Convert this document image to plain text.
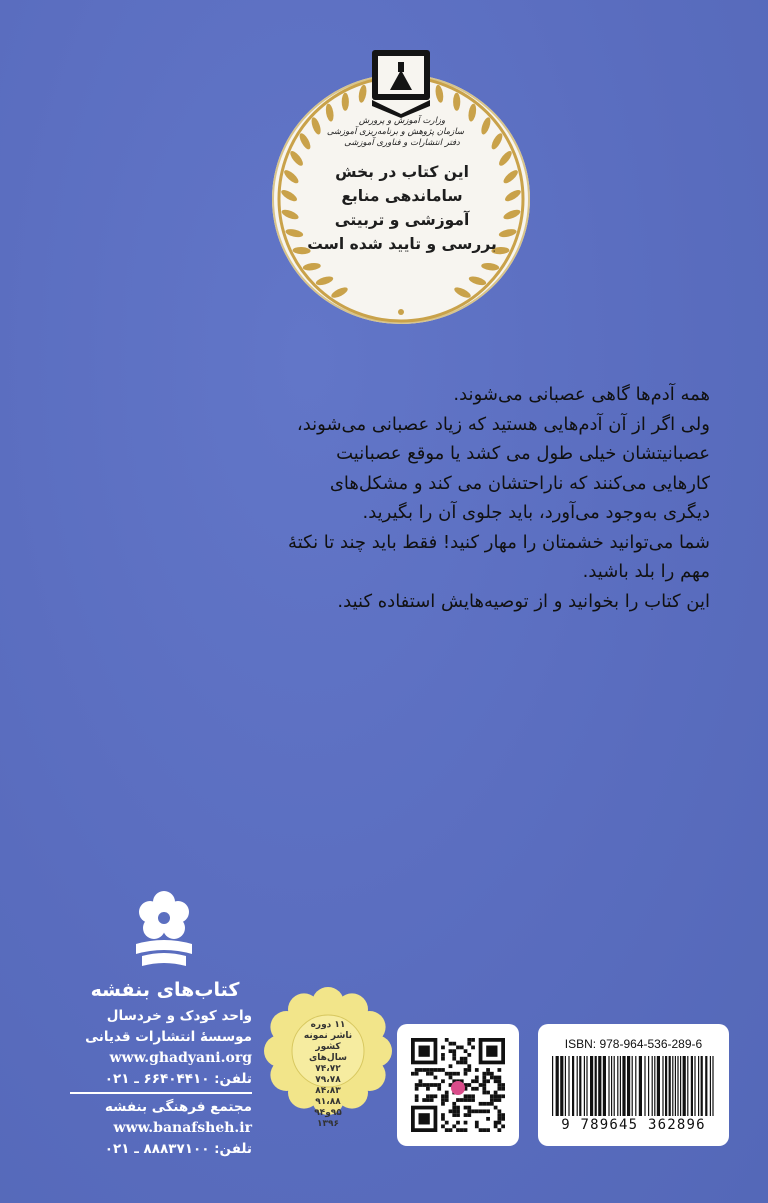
وزارت آموزش و پرورش
سازمان پژوهش و برنامه‌ریزی آموزشی
دفتر انتشارات و فناوری آموزشی
این کتاب در بخش
ساماندهی منابع
آموزشی و تربیتی
بررسی و تایید شده است
همه آدم‌ها گاهی عصبانی می‌شوند.
ولی اگر از آن آدم‌هایی هستید که زیاد عصبانی می‌شوند،
عصبانیتشان خیلی طول می کشد یا موقع عصبانیت
کارهایی می‌کنند که ناراحتشان می کند و مشکل‌های
دیگری به‌وجود می‌آورد، باید جلوی آن را بگیرید.
شما می‌توانید خشمتان را مهار کنید! فقط باید چند تا نکتهٔ
مهم را بلد باشید.
این کتاب را بخوانید و از توصیه‌هایش استفاده کنید.
کتاب‌های بنفشه
واحد کودک و خردسال
موسسهٔ انتشارات قدیانی
www.ghadyani.org
تلفن: ۶۶۴۰۴۴۱۰ ـ ۰۲۱
مجتمع فرهنگی بنفشه
www.banafsheh.ir
تلفن: ۸۸۸۳۷۱۰۰ ـ ۰۲۱
۱۱ دوره
ناشر نمونه
کشور
سال‌های
۷۴،۷۲
۷۹،۷۸
۸۴،۸۳
۹۱،۸۸
۹۵و۹۴
۱۳۹۶
ISBN: 978-964-536-289-6
9 789645 362896
